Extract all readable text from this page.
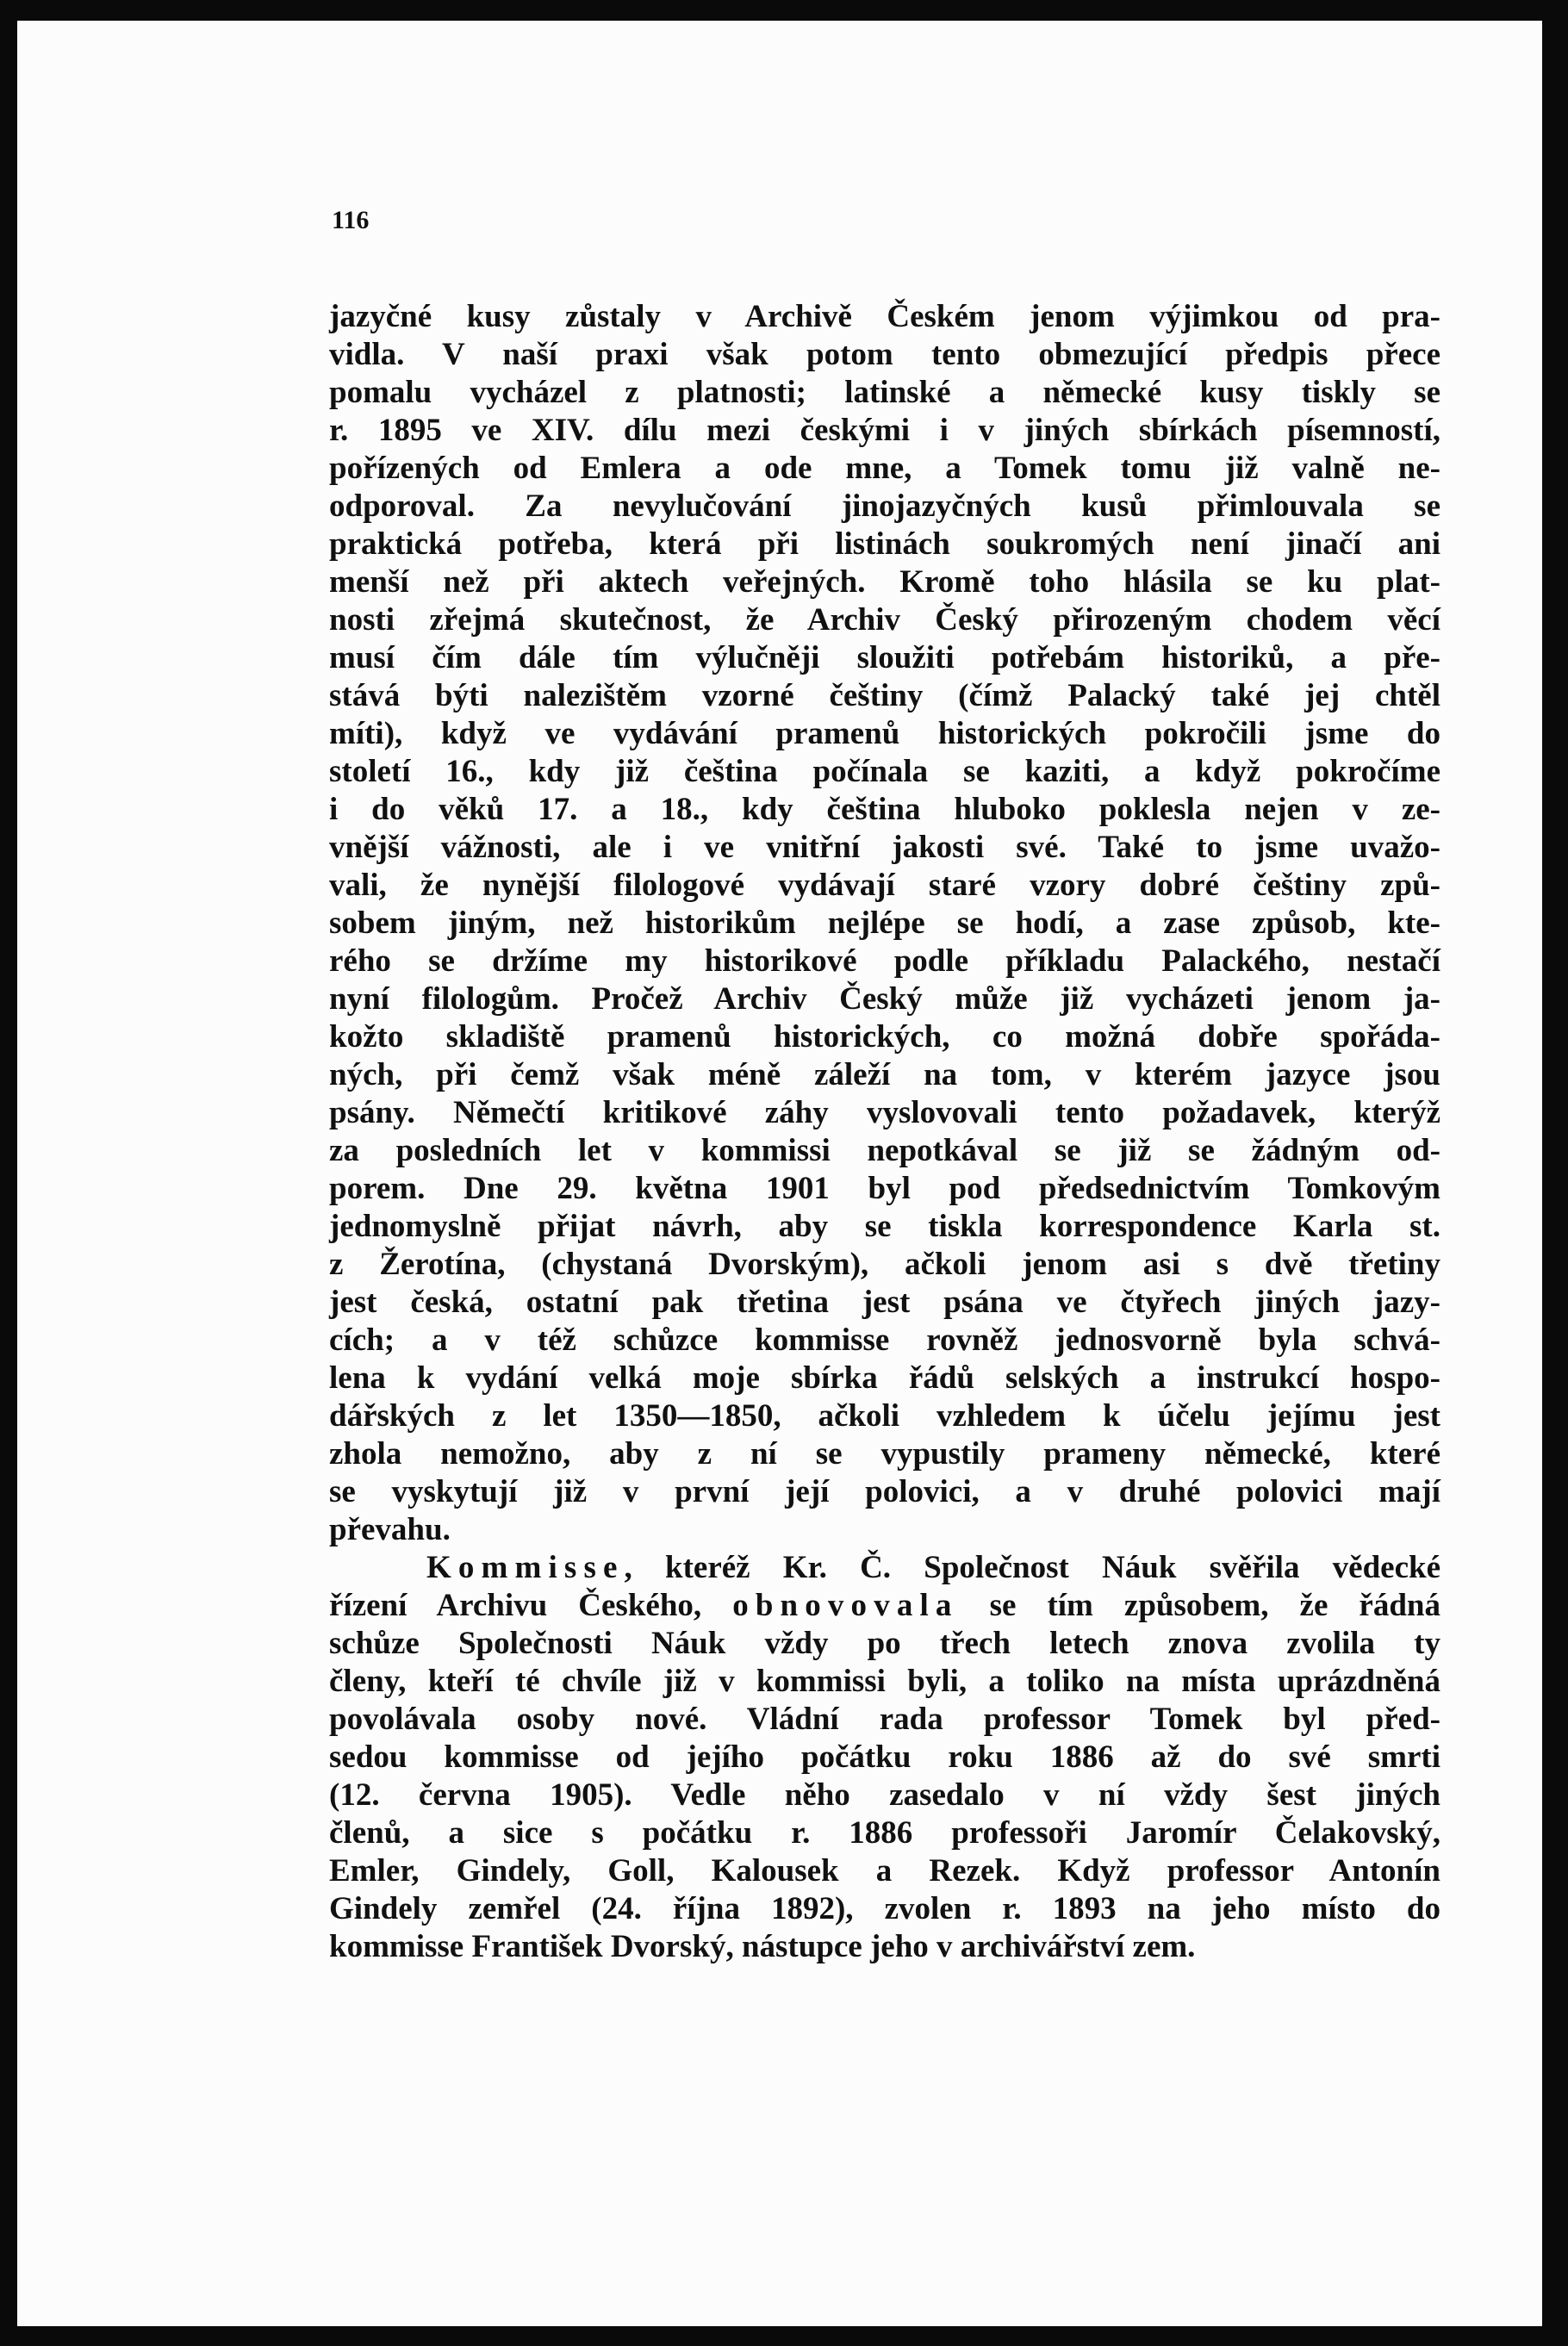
116
jazyčné kusy zůstaly v Archivě Českém jenom výjimkou od pra-
vidla. V naší praxi však potom tento obmezující předpis přece
pomalu vycházel z platnosti; latinské a německé kusy tiskly se
r. 1895 ve XIV. dílu mezi českými i v jiných sbírkách písemností,
pořízených od Emlera a ode mne, a Tomek tomu již valně ne-
odporoval. Za nevylučování jinojazyčných kusů přimlouvala se
praktická potřeba, která při listinách soukromých není jinačí ani
menší než při aktech veřejných. Kromě toho hlásila se ku plat-
nosti zřejmá skutečnost, že Archiv Český přirozeným chodem věcí
musí čím dále tím výlučněji sloužiti potřebám historiků, a pře-
stává býti nalezištěm vzorné češtiny (čímž Palacký také jej chtěl
míti), když ve vydávání pramenů historických pokročili jsme do
století 16., kdy již čeština počínala se kaziti, a když pokročíme
i do věků 17. a 18., kdy čeština hluboko poklesla nejen v ze-
vnější vážnosti, ale i ve vnitřní jakosti své. Také to jsme uvažo-
vali, že nynější filologové vydávají staré vzory dobré češtiny způ-
sobem jiným, než historikům nejlépe se hodí, a zase způsob, kte-
rého se držíme my historikové podle příkladu Palackého, nestačí
nyní filologům. Pročež Archiv Český může již vycházeti jenom ja-
kožto skladiště pramenů historických, co možná dobře spořáda-
ných, při čemž však méně záleží na tom, v kterém jazyce jsou
psány. Němečtí kritikové záhy vyslovovali tento požadavek, kterýž
za posledních let v kommissi nepotkával se již se žádným od-
porem. Dne 29. května 1901 byl pod předsednictvím Tomkovým
jednomyslně přijat návrh, aby se tiskla korrespondence Karla st.
z Žerotína, (chystaná Dvorským), ačkoli jenom asi s dvě třetiny
jest česká, ostatní pak třetina jest psána ve čtyřech jiných jazy-
cích; a v též schůzce kommisse rovněž jednosvorně byla schvá-
lena k vydání velká moje sbírka řádů selských a instrukcí hospo-
dářských z let 1350—1850, ačkoli vzhledem k účelu jejímu jest
zhola nemožno, aby z ní se vypustily prameny německé, které
se vyskytují již v první její polovici, a v druhé polovici mají
převahu.
Kommisse, kteréž Kr. Č. Společnost Náuk svěřila vědecké
řízení Archivu Českého, obnovovala se tím způsobem, že řádná
schůze Společnosti Náuk vždy po třech letech znova zvolila ty
členy, kteří té chvíle již v kommissi byli, a toliko na místa uprázdněná
povolávala osoby nové. Vládní rada professor Tomek byl před-
sedou kommisse od jejího počátku roku 1886 až do své smrti
(12. června 1905). Vedle něho zasedalo v ní vždy šest jiných
členů, a sice s počátku r. 1886 professoři Jaromír Čelakovský,
Emler, Gindely, Goll, Kalousek a Rezek. Když professor Antonín
Gindely zemřel (24. října 1892), zvolen r. 1893 na jeho místo do
kommisse František Dvorský, nástupce jeho v archivářství zem.
